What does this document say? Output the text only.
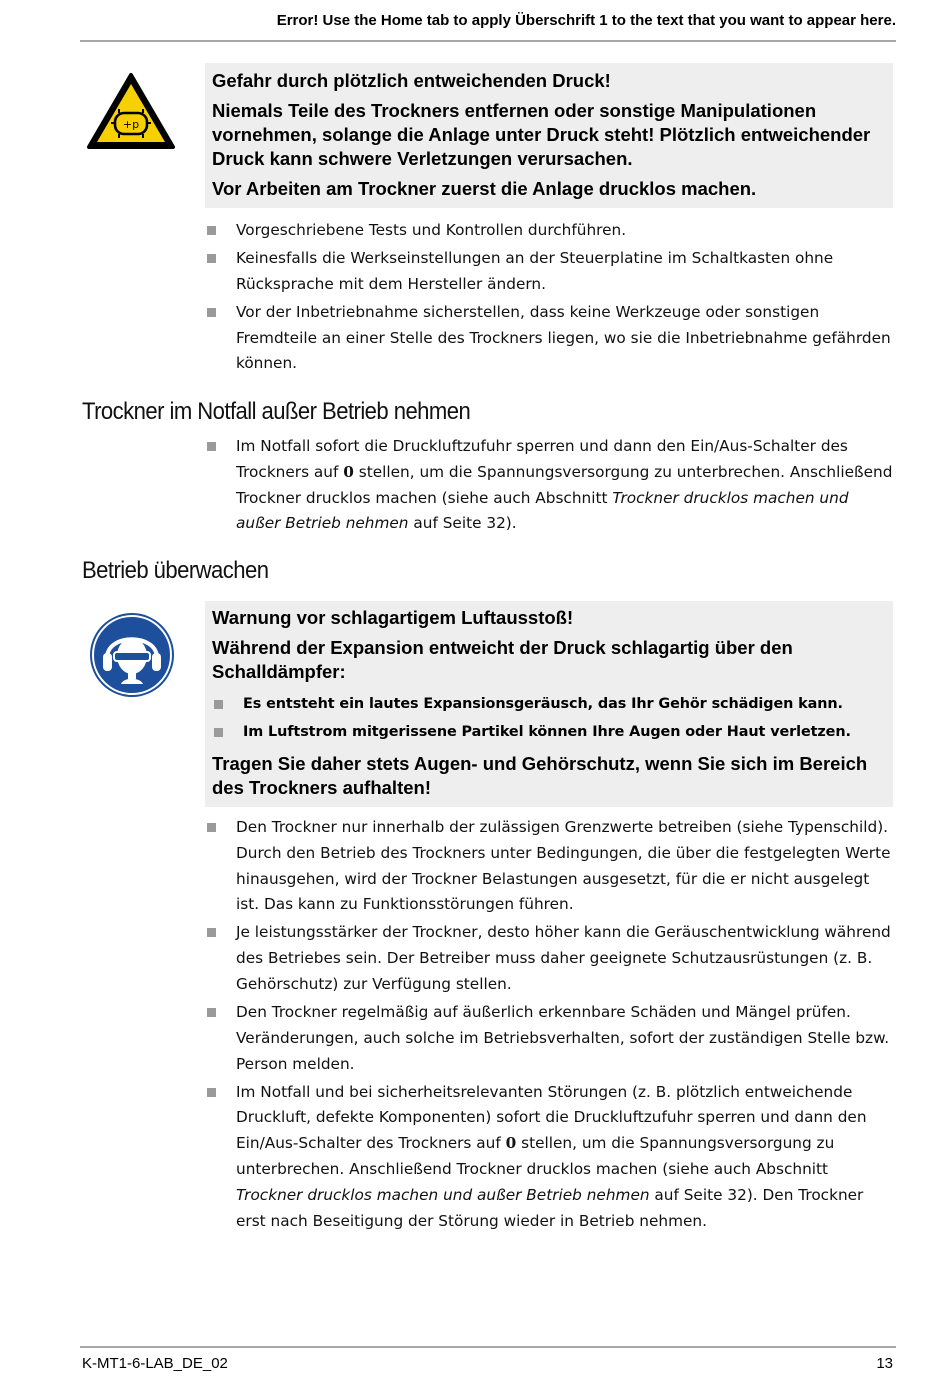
Error! Use the Home tab to apply Überschrift 1 to the text that you want to appear here.
+p

Gefahr durch plötzlich entweichenden Druck!

Niemals Teile des Trockners entfernen oder sonstige Manipulationen vornehmen, solange die Anlage unter Druck steht! Plötzlich entweichender Druck kann schwere Verletzungen verursachen.

Vor Arbeiten am Trockner zuerst die Anlage drucklos machen.

Vorgeschriebene Tests und Kontrollen durchführen.
Keinesfalls die Werkseinstellungen an der Steuerplatine im Schaltkasten ohne Rücksprache mit dem Hersteller ändern.
Vor der Inbetriebnahme sicherstellen, dass keine Werkzeuge oder sonstigen Fremdteile an einer Stelle des Trockners liegen, wo sie die Inbetriebnahme gefährden können.
Trockner im Notfall außer Betrieb nehmen
Im Notfall sofort die Druckluftzufuhr sperren und dann den Ein/Aus-Schalter des Trockners auf 0 stellen, um die Spannungsversorgung zu unterbrechen. Anschließend Trockner drucklos machen (siehe auch Abschnitt Trockner drucklos machen und außer Betrieb nehmen auf Seite 32).
Betrieb überwachen

Warnung vor schlagartigem Luftausstoß!

Während der Expansion entweicht der Druck schlagartig über den Schalldämpfer:

Es entsteht ein lautes Expansionsgeräusch, das Ihr Gehör schädigen kann.
Im Luftstrom mitgerissene Partikel können Ihre Augen oder Haut verletzen.

Tragen Sie daher stets Augen- und Gehörschutz, wenn Sie sich im Bereich des Trockners aufhalten!

Den Trockner nur innerhalb der zulässigen Grenzwerte betreiben (siehe Typenschild). Durch den Betrieb des Trockners unter Bedingungen, die über die festgelegten Werte hinausgehen, wird der Trockner Belastungen ausgesetzt, für die er nicht ausgelegt ist. Das kann zu Funktionsstörungen führen.
Je leistungsstärker der Trockner, desto höher kann die Geräuschentwicklung während des Betriebes sein. Der Betreiber muss daher geeignete Schutzausrüstungen (z. B. Gehörschutz) zur Verfügung stellen.
Den Trockner regelmäßig auf äußerlich erkennbare Schäden und Mängel prüfen. Veränderungen, auch solche im Betriebsverhalten, sofort der zuständigen Stelle bzw. Person melden.
Im Notfall und bei sicherheitsrelevanten Störungen (z. B. plötzlich entweichende Druckluft, defekte Komponenten) sofort die Druckluftzufuhr sperren und dann den Ein/Aus-Schalter des Trockners auf 0 stellen, um die Spannungsversorgung zu unterbrechen. Anschließend Trockner drucklos machen (siehe auch Abschnitt Trockner drucklos machen und außer Betrieb nehmen auf Seite 32). Den Trockner erst nach Beseitigung der Störung wieder in Betrieb nehmen.
K-MT1-6-LAB_DE_02	13
